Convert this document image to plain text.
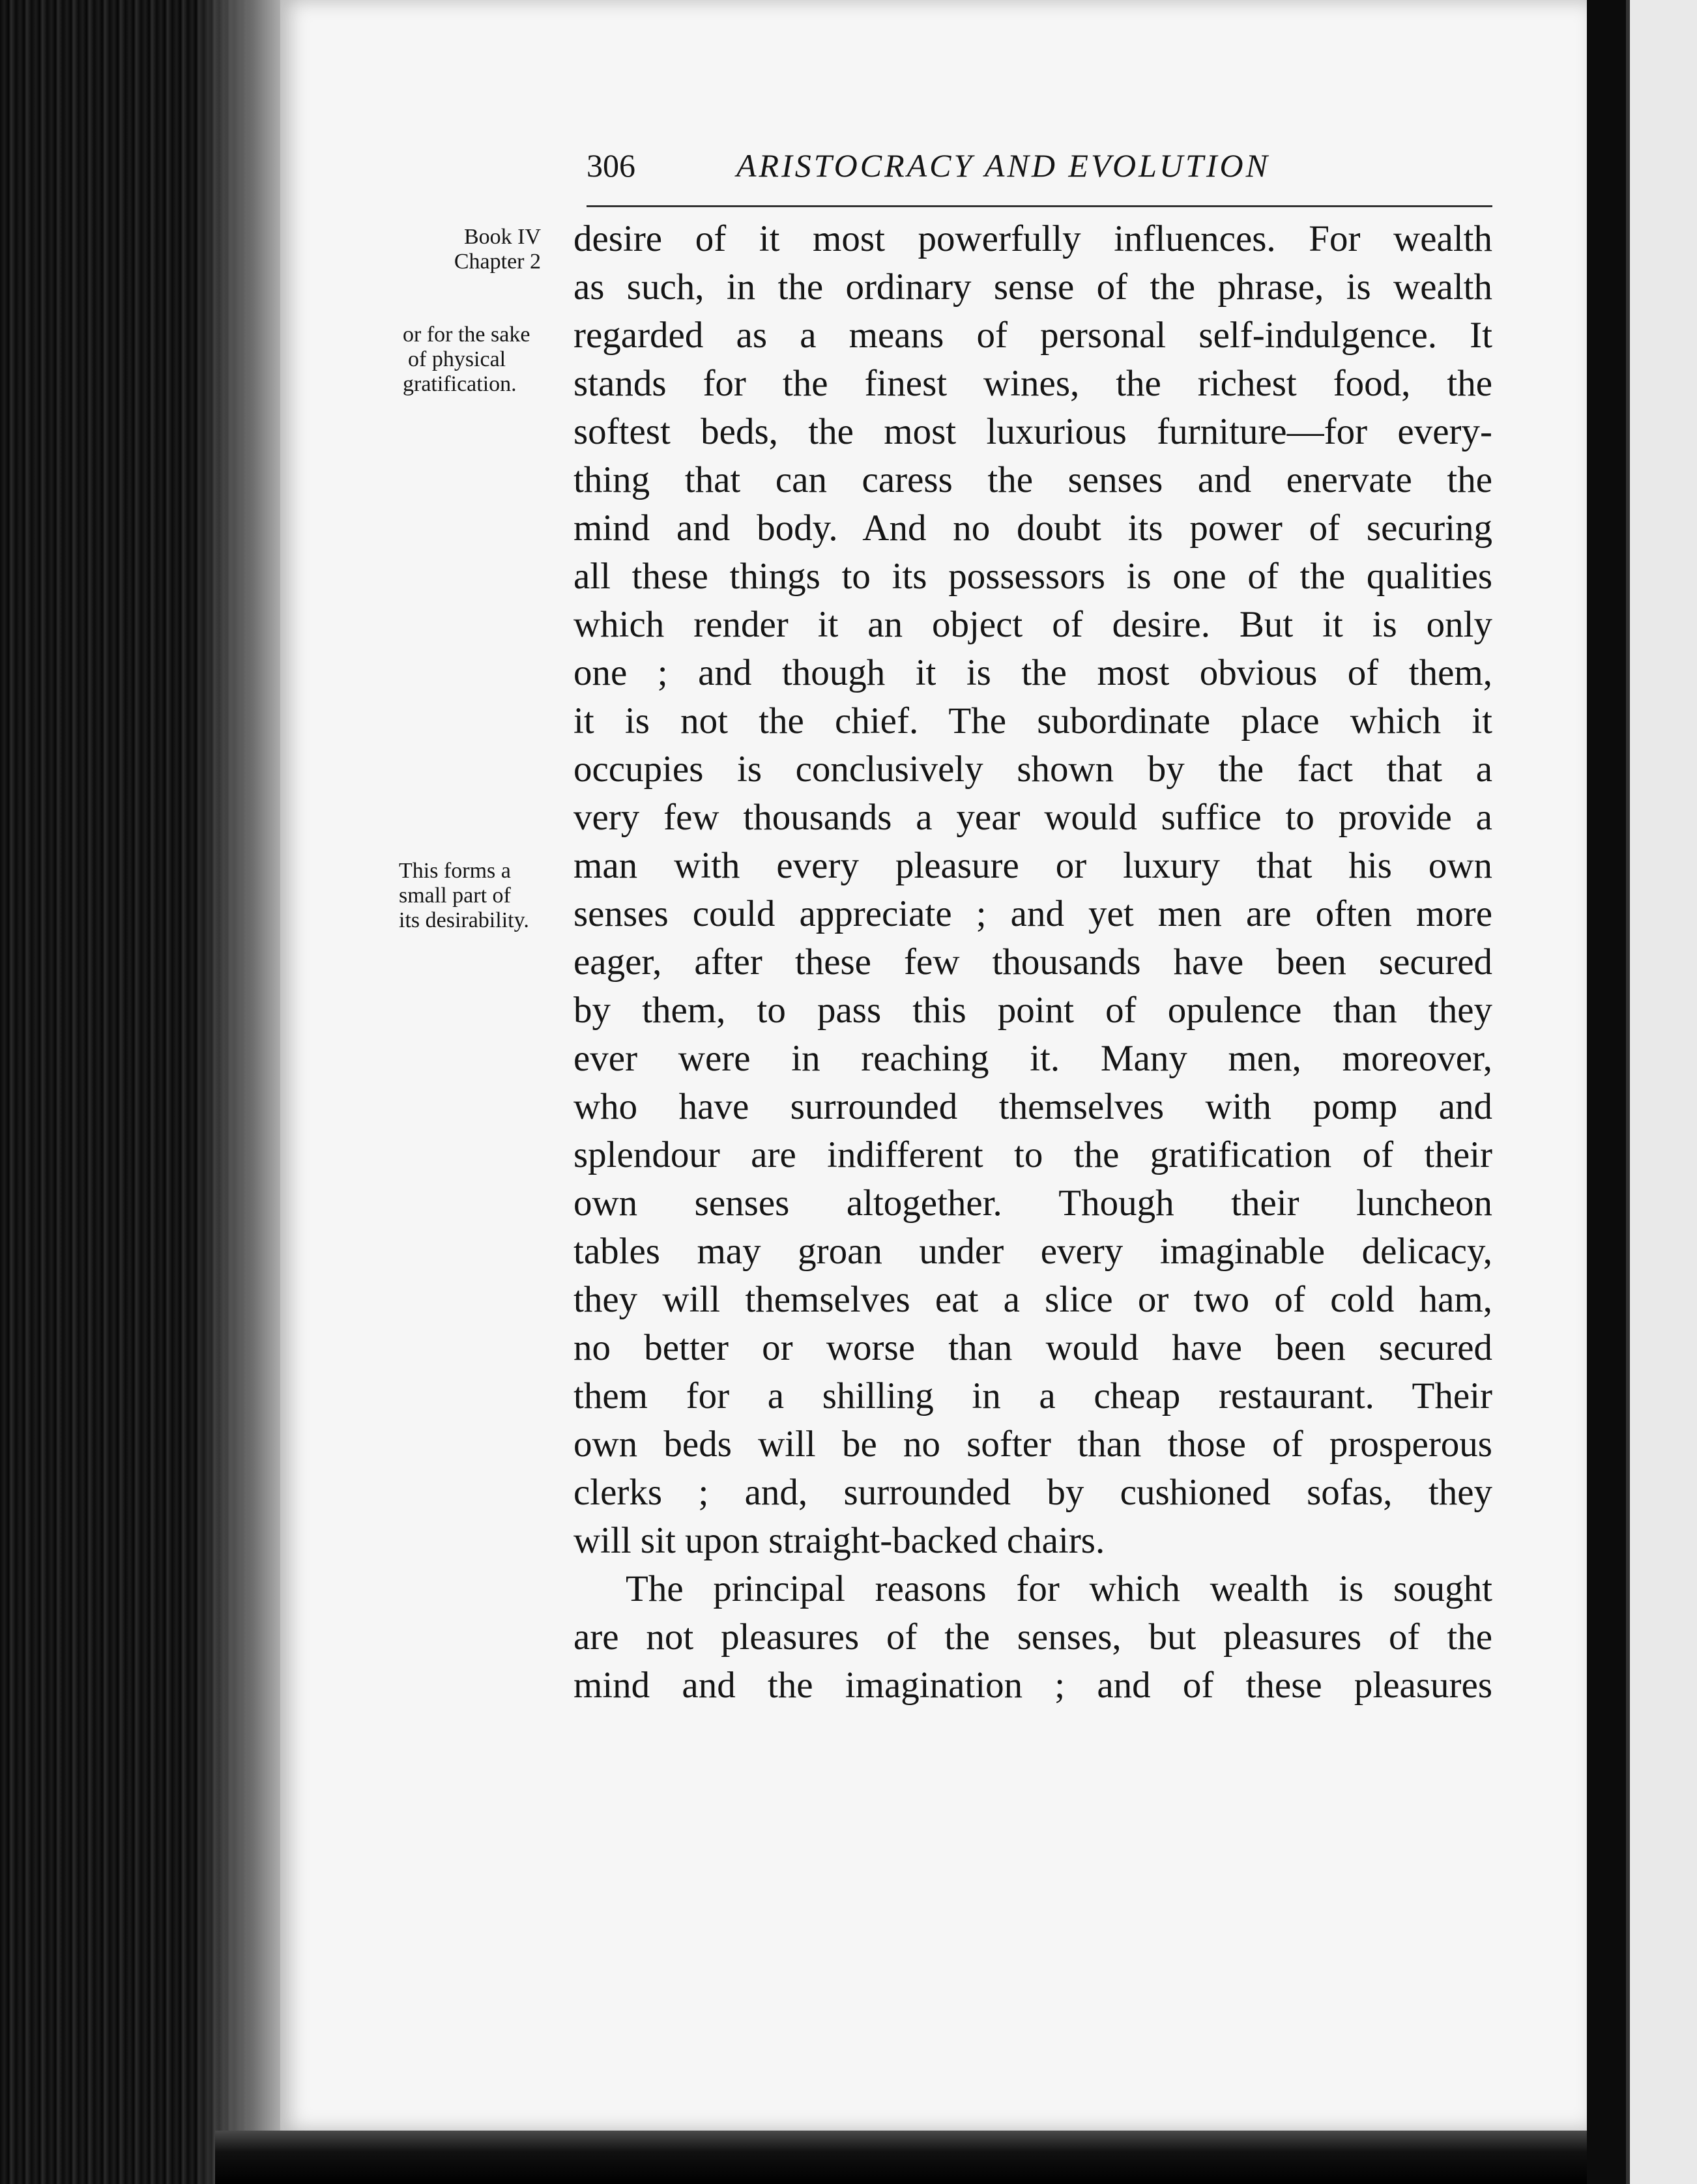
306	ARISTOCRACY AND EVOLUTION
Book IV
Chapter 2
or for the sake
of physical
gratification.
This forms a
small part of
its desirability.
desire of it most powerfully influences. For wealth
as such, in the ordinary sense of the phrase, is wealth
regarded as a means of personal self-indulgence. It
stands for the finest wines, the richest food, the
softest beds, the most luxurious furniture—for every-
thing that can caress the senses and enervate the
mind and body. And no doubt its power of securing
all these things to its possessors is one of the qualities
which render it an object of desire. But it is only
one ; and though it is the most obvious of them,
it is not the chief. The subordinate place which it
occupies is conclusively shown by the fact that a
very few thousands a year would suffice to provide a
man with every pleasure or luxury that his own
senses could appreciate ; and yet men are often more
eager, after these few thousands have been secured
by them, to pass this point of opulence than they
ever were in reaching it. Many men, moreover,
who have surrounded themselves with pomp and
splendour are indifferent to the gratification of their
own senses altogether. Though their luncheon
tables may groan under every imaginable delicacy,
they will themselves eat a slice or two of cold ham,
no better or worse than would have been secured
them for a shilling in a cheap restaurant. Their
own beds will be no softer than those of prosperous
clerks ; and, surrounded by cushioned sofas, they
will sit upon straight-backed chairs.
The principal reasons for which wealth is sought
are not pleasures of the senses, but pleasures of the
mind and the imagination ; and of these pleasures
